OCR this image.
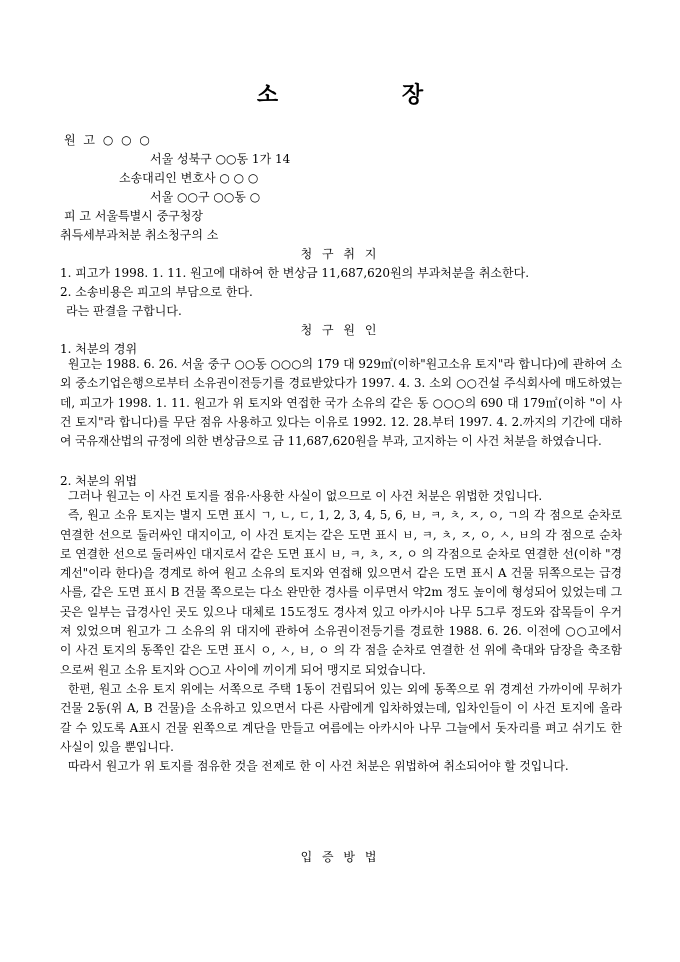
소 장
원 고 ○ ○ ○
서울 성북구 ○○동 1가 14
소송대리인 변호사 ○ ○ ○
서울 ○○구 ○○동 ○
피 고 서울특별시 중구청장
취득세부과처분 취소청구의 소
청 구 취 지
1. 피고가 1998. 1. 11. 원고에 대하여 한 변상금 11,687,620원의 부과처분을 취소한다.
2. 소송비용은 피고의 부담으로 한다.
라는 판결을 구합니다.
청 구 원 인
1. 처분의 경위

원고는 1988. 6. 26. 서울 중구 ○○동 ○○○의 179 대 929㎡(이하"원고소유 토지"라 합니다)에 관하여 소외 중소기업은행으로부터 소유권이전등기를 경료받았다가 1997. 4. 3. 소외 ○○건설 주식회사에 매도하였는데, 피고가 1998. 1. 11. 원고가 위 토지와 연접한 국가 소유의 같은 동 ○○○의 690 대 179㎡(이하 "이 사건 토지"라 합니다)를 무단 점유 사용하고 있다는 이유로 1992. 12. 28.부터 1997. 4. 2.까지의 기간에 대하여 국유재산법의 규정에 의한 변상금으로 금 11,687,620원을 부과, 고지하는 이 사건 처분을 하였습니다.

2. 처분의 위법

그러나 원고는 이 사건 토지를 점유·사용한 사실이 없으므로 이 사건 처분은 위법한 것입니다.

즉, 원고 소유 토지는 별지 도면 표시 ㄱ, ㄴ, ㄷ, 1, 2, 3, 4, 5, 6, ㅂ, ㅋ, ㅊ, ㅈ, ㅇ, ㄱ의 각 점으로 순차로 연결한 선으로 둘러싸인 대지이고, 이 사건 토지는 같은 도면 표시 ㅂ, ㅋ, ㅊ, ㅈ, ㅇ, ㅅ, ㅂ의 각 점으로 순차로 연결한 선으로 둘러싸인 대지로서 같은 도면 표시 ㅂ, ㅋ, ㅊ, ㅈ, ㅇ 의 각점으로 순차로 연결한 선(이하 "경계선"이라 한다)을 경계로 하여 원고 소유의 토지와 연접해 있으면서 같은 도면 표시 A 건물 뒤쪽으로는 급경사를, 같은 도면 표시 B 건물 쪽으로는 다소 완만한 경사를 이루면서 약2m 정도 높이에 형성되어 있었는데 그곳은 일부는 급경사인 곳도 있으나 대체로 15도정도 경사져 있고 아카시아 나무 5그루 정도와 잡목들이 우거져 있었으며 원고가 그 소유의 위 대지에 관하여 소유권이전등기를 경료한 1988. 6. 26. 이전에 ○○고에서 이 사건 토지의 동쪽인 같은 도면 표시 ㅇ, ㅅ, ㅂ, ㅇ 의 각 점을 순차로 연결한 선 위에 축대와 담장을 축조함으로써 원고 소유 토지와 ○○고 사이에 끼이게 되어 맹지로 되었습니다.

한편, 원고 소유 토지 위에는 서쪽으로 주택 1동이 건립되어 있는 외에 동쪽으로 위 경계선 가까이에 무허가 건물 2동(위 A, B 건물)을 소유하고 있으면서 다른 사람에게 입차하였는데, 입차인들이 이 사건 토지에 올라 갈 수 있도록 A표시 건물 왼쪽으로 계단을 만들고 여름에는 아카시아 나무 그늘에서 돗자리를 펴고 쉬기도 한 사실이 있을 뿐입니다.

따라서 원고가 위 토지를 점유한 것을 전제로 한 이 사건 처분은 위법하여 취소되어야 할 것입니다.

입 증 방 법
